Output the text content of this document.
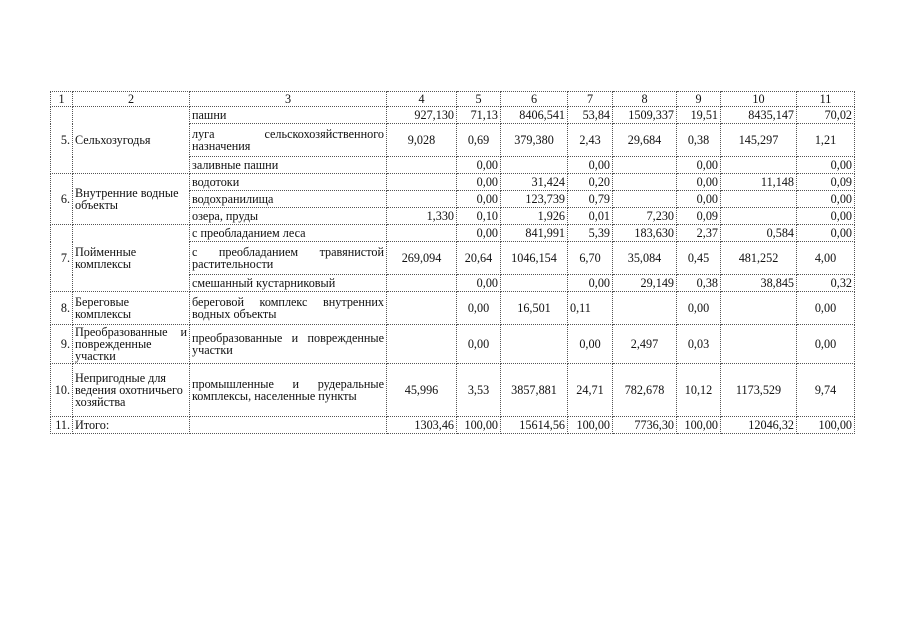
1	2	3	4	5	6	7	8	9	10	11
5.	Сельхозугодья	пашни	927,130	71,13	8406,541	53,84	1509,337	19,51	8435,147	70,02
		луга сельскохозяйственного назначения	9,028	0,69	379,380	2,43	29,684	0,38	145,297	1,21
		заливные пашни		0,00		0,00		0,00		0,00
6.	Внутренние водные объекты	водотоки		0,00	31,424	0,20		0,00	11,148	0,09
		водохранилища		0,00	123,739	0,79		0,00		0,00
		озера, пруды	1,330	0,10	1,926	0,01	7,230	0,09		0,00
7.	Пойменные комплексы	с преобладанием леса		0,00	841,991	5,39	183,630	2,37	0,584	0,00
		с преобладанием травянистой растительности	269,094	20,64	1046,154	6,70	35,084	0,45	481,252	4,00
		смешанный кустарниковый		0,00		0,00	29,149	0,38	38,845	0,32
8.	Береговые комплексы	береговой комплекс внутренних водных объекты		0,00	16,501	0,11		0,00		0,00
9.	Преобразованные и поврежденные участки	преобразованные и поврежденные участки		0,00		0,00	2,497	0,03		0,00
10.	Непригодные для ведения охотничьего хозяйства	промышленные и рудеральные комплексы, населенные пункты	45,996	3,53	3857,881	24,71	782,678	10,12	1173,529	9,74
11.	Итого:		1303,46	100,00	15614,56	100,00	7736,30	100,00	12046,32	100,00
